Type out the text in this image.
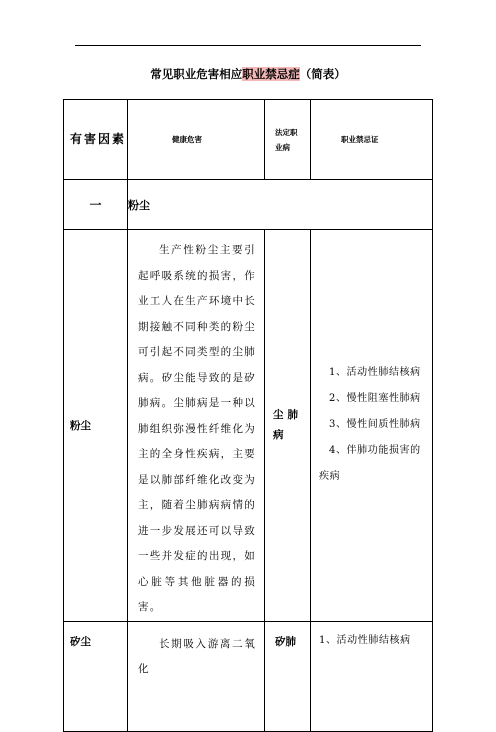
常见职业危害相应职业禁忌症（简表）
有害因素	健康危害	法定职业病	职业禁忌证

一	粉尘		

粉尘	生产性粉尘主要引起呼吸系统的损害，作业工人在生产环境中长期接触不同种类的粉尘可引起不同类型的尘肺病。矽尘能导致的是矽肺病。尘肺病是一种以肺组织弥漫性纤维化为主的全身性疾病，主要是以肺部纤维化改变为主，随着尘肺病病情的进一步发展还可以导致一些并发症的出现，如心脏等其他脏器的损害。	尘肺病	1、活动性肺结核病
2、慢性阻塞性肺病
3、慢性间质性肺病
4、伴肺功能损害的疾病

矽尘	长期吸入游离二氧化	矽肺	1、活动性肺结核病
